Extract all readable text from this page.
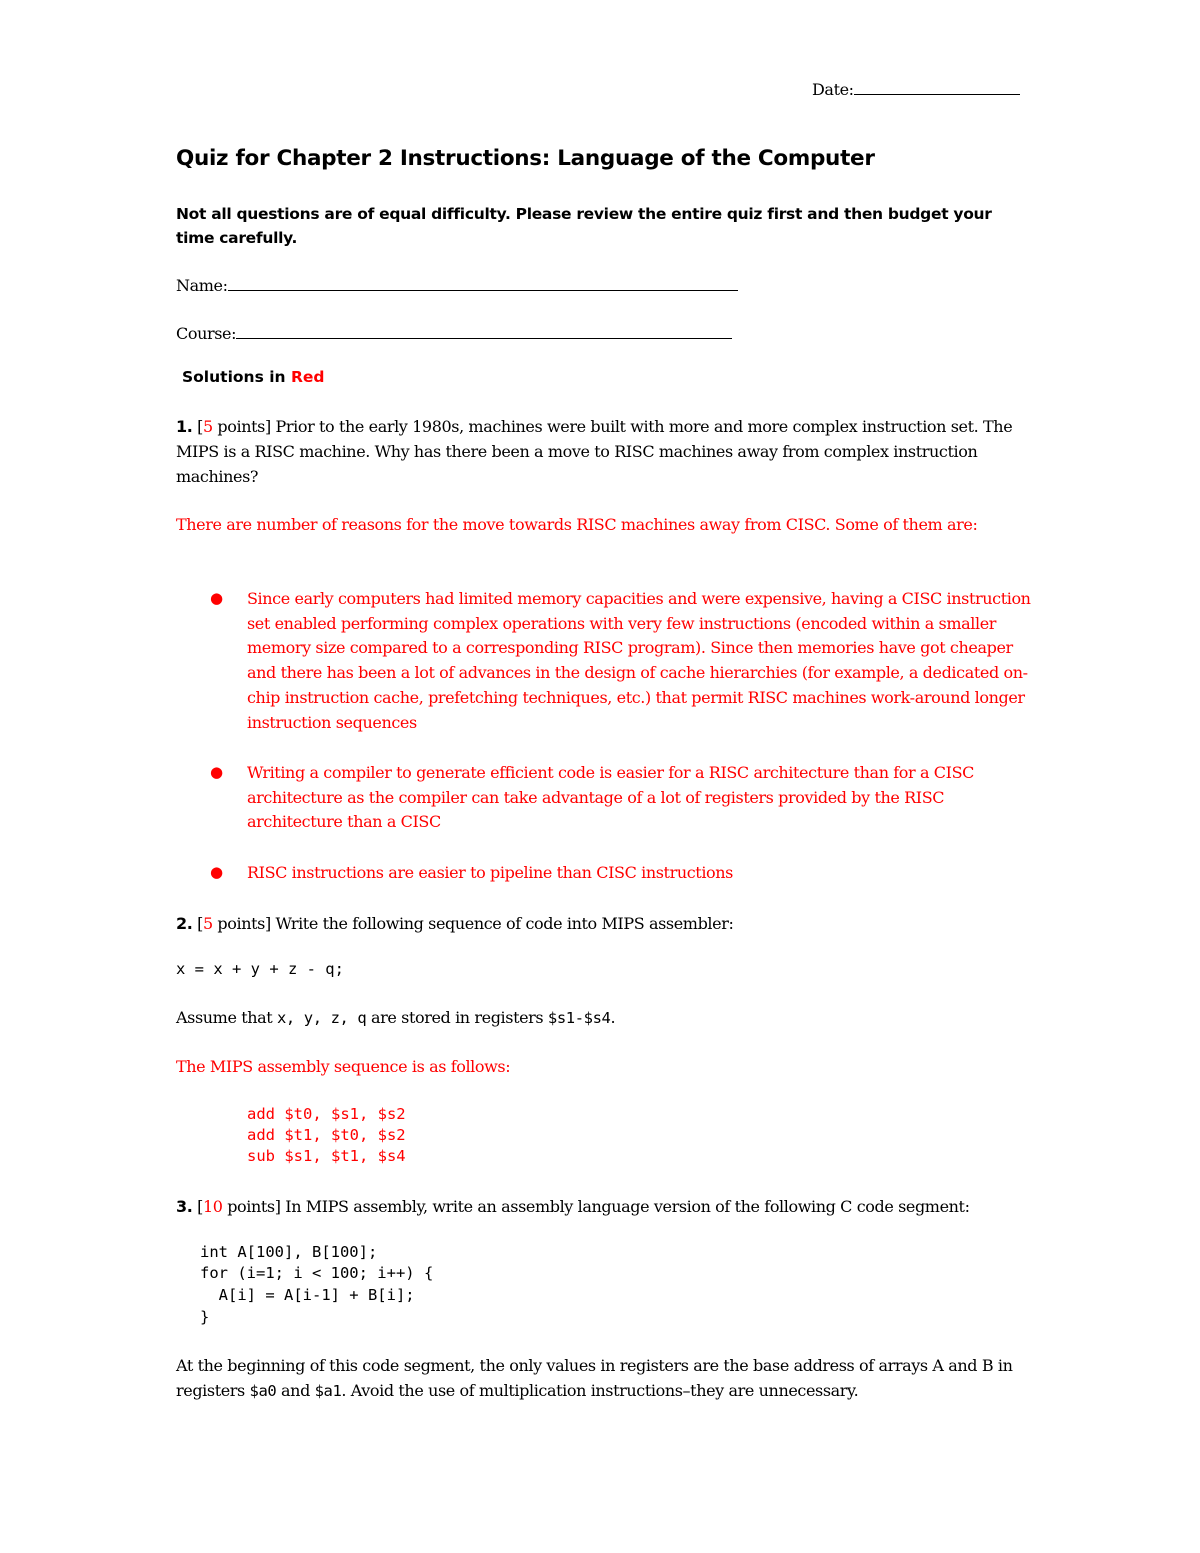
Date:
Quiz for Chapter 2 Instructions: Language of the Computer
Not all questions are of equal difficulty. Please review the entire quiz first and then budget your time carefully.
Name:
Course:
Solutions in Red
1. [5 points] Prior to the early 1980s, machines were built with more and more complex instruction set. The MIPS is a RISC machine. Why has there been a move to RISC machines away from complex instruction machines?
There are number of reasons for the move towards RISC machines away from CISC. Some of them are:
● Since early computers had limited memory capacities and were expensive, having a CISC instruction set enabled performing complex operations with very few instructions (encoded within a smaller memory size compared to a corresponding RISC program). Since then memories have got cheaper and there has been a lot of advances in the design of cache hierarchies (for example, a dedicated on-chip instruction cache, prefetching techniques, etc.) that permit RISC machines work-around longer instruction sequences
● Writing a compiler to generate efficient code is easier for a RISC architecture than for a CISC architecture as the compiler can take advantage of a lot of registers provided by the RISC architecture than a CISC
● RISC instructions are easier to pipeline than CISC instructions
2. [5 points] Write the following sequence of code into MIPS assembler:
x = x + y + z - q;
Assume that x, y, z, q are stored in registers $s1-$s4.
The MIPS assembly sequence is as follows:
add $t0, $s1, $s2
add $t1, $t0, $s2
sub $s1, $t1, $s4
3. [10 points] In MIPS assembly, write an assembly language version of the following C code segment:
int A[100], B[100];
for (i=1; i < 100; i++) {
A[i] = A[i-1] + B[i];
}
At the beginning of this code segment, the only values in registers are the base address of arrays A and B in registers $a0 and $a1. Avoid the use of multiplication instructions–they are unnecessary.
